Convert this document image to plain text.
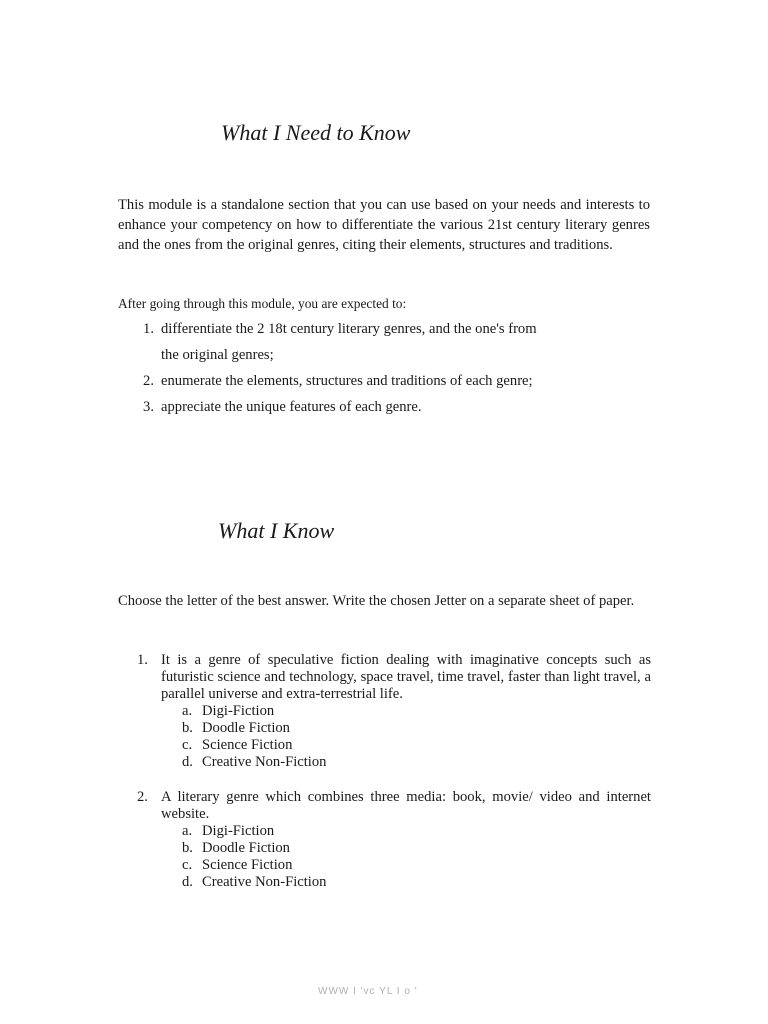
What I Need to Know

This module is a standalone section that you can use based on your needs and interests to enhance your competency on how to differentiate the various 21st century literary genres and the ones from the original genres, citing their elements, structures and traditions.

After going through this module, you are expected to:

1. differentiate the 2 18t century literary genres, and the one's from
the original genres;
2. enumerate the elements, structures and traditions of each genre;
3. appreciate the unique features of each genre.
What I Know

Choose the letter of the best answer. Write the chosen Jetter on a separate sheet of paper.

1. It is a genre of speculative fiction dealing with imaginative concepts such as futuristic science and technology, space travel, time travel, faster than light travel, a parallel universe and extra-terrestrial life.
a. Digi-Fiction
b. Doodle Fiction
c. Science Fiction
d. Creative Non-Fiction
2. A literary genre which combines three media: book, movie/ video and internet website.
a. Digi-Fiction
b. Doodle Fiction
c. Science Fiction
d. Creative Non-Fiction
WWW I 'vc YL I o '
